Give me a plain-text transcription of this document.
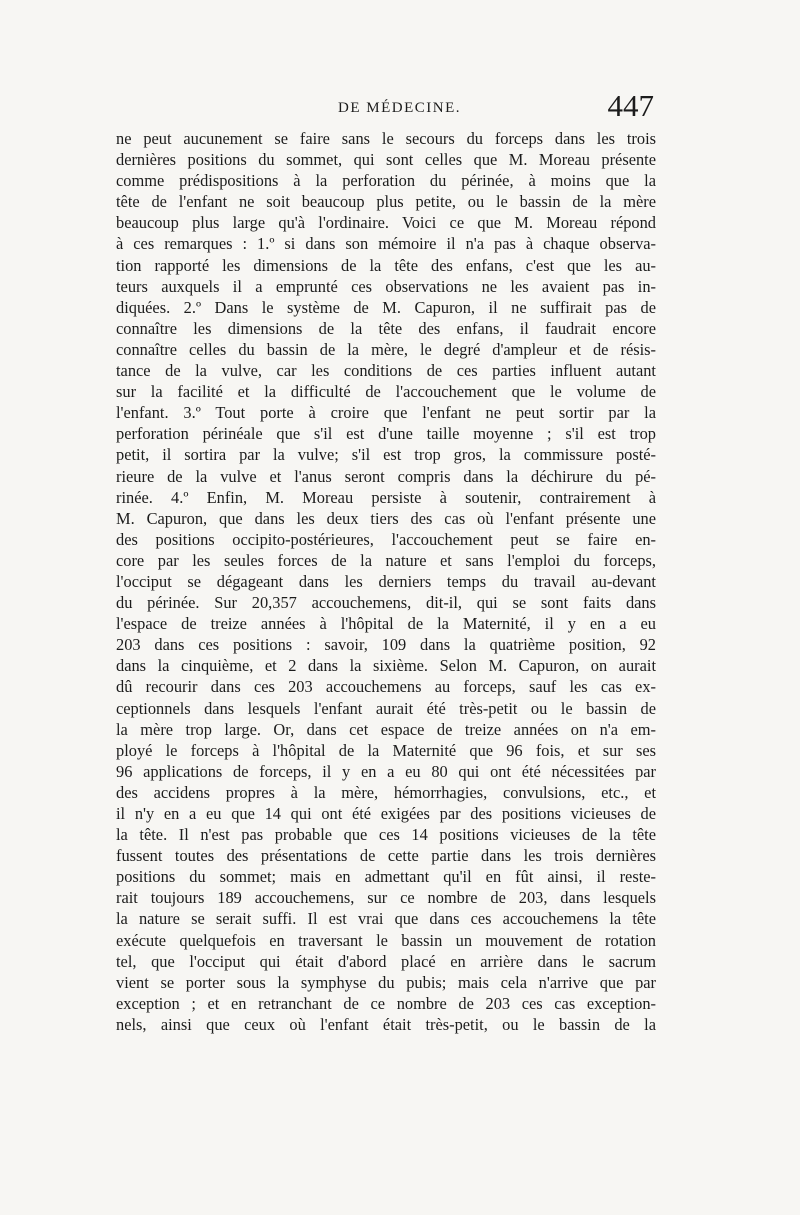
DE MÉDECINE.	447
ne peut aucunement se faire sans le secours du forceps dans les trois
dernières positions du sommet, qui sont celles que M. Moreau présente
comme prédispositions à la perforation du périnée, à moins que la
tête de l'enfant ne soit beaucoup plus petite, ou le bassin de la mère
beaucoup plus large qu'à l'ordinaire. Voici ce que M. Moreau répond
à ces remarques : 1.º si dans son mémoire il n'a pas à chaque observa-
tion rapporté les dimensions de la tête des enfans, c'est que les au-
teurs auxquels il a emprunté ces observations ne les avaient pas in-
diquées. 2.º Dans le système de M. Capuron, il ne suffirait pas de
connaître les dimensions de la tête des enfans, il faudrait encore
connaître celles du bassin de la mère, le degré d'ampleur et de résis-
tance de la vulve, car les conditions de ces parties influent autant
sur la facilité et la difficulté de l'accouchement que le volume de
l'enfant. 3.º Tout porte à croire que l'enfant ne peut sortir par la
perforation périnéale que s'il est d'une taille moyenne ; s'il est trop
petit, il sortira par la vulve; s'il est trop gros, la commissure posté-
rieure de la vulve et l'anus seront compris dans la déchirure du pé-
rinée. 4.º Enfin, M. Moreau persiste à soutenir, contrairement à
M. Capuron, que dans les deux tiers des cas où l'enfant présente une
des positions occipito-postérieures, l'accouchement peut se faire en-
core par les seules forces de la nature et sans l'emploi du forceps,
l'occiput se dégageant dans les derniers temps du travail au-devant
du périnée. Sur 20,357 accouchemens, dit-il, qui se sont faits dans
l'espace de treize années à l'hôpital de la Maternité, il y en a eu
203 dans ces positions : savoir, 109 dans la quatrième position, 92
dans la cinquième, et 2 dans la sixième. Selon M. Capuron, on aurait
dû recourir dans ces 203 accouchemens au forceps, sauf les cas ex-
ceptionnels dans lesquels l'enfant aurait été très-petit ou le bassin de
la mère trop large. Or, dans cet espace de treize années on n'a em-
ployé le forceps à l'hôpital de la Maternité que 96 fois, et sur ses
96 applications de forceps, il y en a eu 80 qui ont été nécessitées par
des accidens propres à la mère, hémorrhagies, convulsions, etc., et
il n'y en a eu que 14 qui ont été exigées par des positions vicieuses de
la tête. Il n'est pas probable que ces 14 positions vicieuses de la tête
fussent toutes des présentations de cette partie dans les trois dernières
positions du sommet; mais en admettant qu'il en fût ainsi, il reste-
rait toujours 189 accouchemens, sur ce nombre de 203, dans lesquels
la nature se serait suffi. Il est vrai que dans ces accouchemens la tête
exécute quelquefois en traversant le bassin un mouvement de rotation
tel, que l'occiput qui était d'abord placé en arrière dans le sacrum
vient se porter sous la symphyse du pubis; mais cela n'arrive que par
exception ; et en retranchant de ce nombre de 203 ces cas exception-
nels, ainsi que ceux où l'enfant était très-petit, ou le bassin de la
